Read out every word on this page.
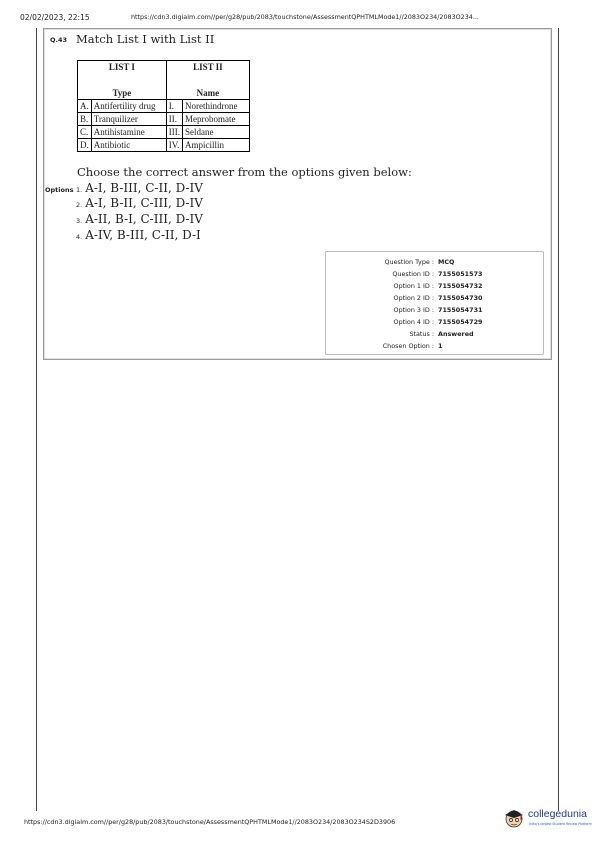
02/02/2023, 22:15	https://cdn3.digialm.com//per/g28/pub/2083/touchstone/AssessmentQPHTMLMode1//2083O234/2083O234...
Q.43 Match List I with List II
LIST I		LIST II	
Type		Name	
A.	Antifertility drug	I.	Norethindrone
B.	Tranquilizer	II.	Meprobomate
C.	Antihistamine	III.	Seldane
D.	Antibiotic	IV.	Ampicillin
Choose the correct answer from the options given below:
Options 1. A-I, B-III, C-II, D-IV
2. A-I, B-II, C-III, D-IV
3. A-II, B-I, C-III, D-IV
4. A-IV, B-III, C-II, D-I
Question Type : MCQ
Question ID : 7155051573
Option 1 ID : 7155054732
Option 2 ID : 7155054730
Option 3 ID : 7155054731
Option 4 ID : 7155054729
Status : Answered
Chosen Option : 1
https://cdn3.digialm.com//per/g28/pub/2083/touchstone/AssessmentQPHTMLMode1//2083O234/2083O234S2D3906
collegedunia
India's largest Student Review Platform
